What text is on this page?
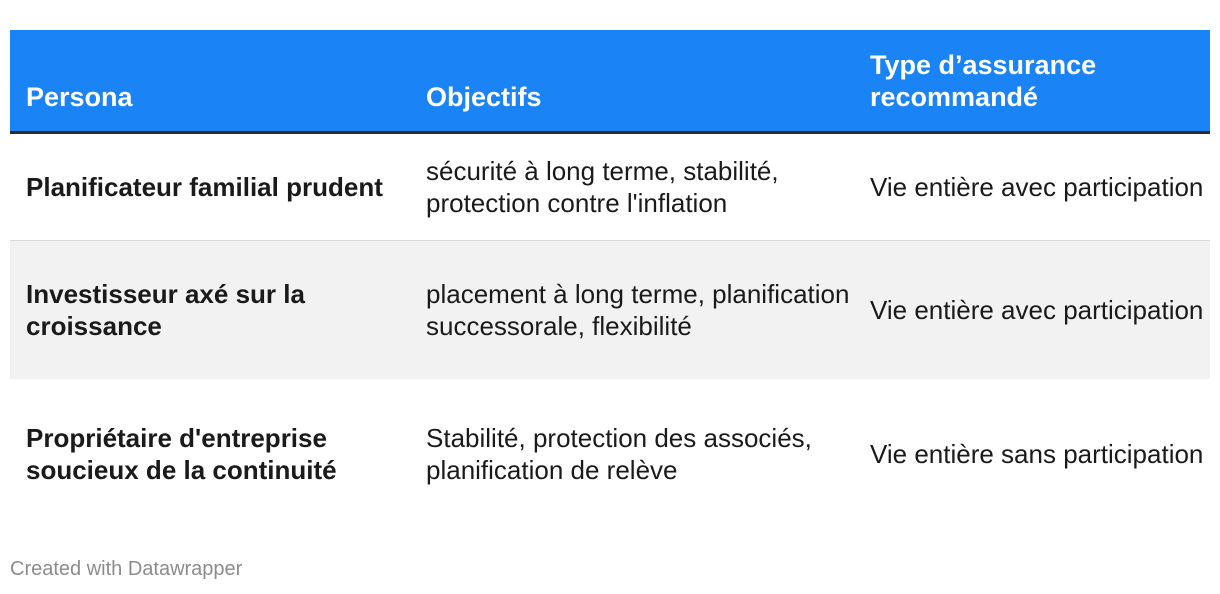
Persona	Objectifs
Type d’assurance recommandé
Planificateur familial prudent
sécurité à long terme, stabilité, protection contre l'inflation
Vie entière avec participation
Investisseur axé sur la croissance
placement à long terme, planification successorale, flexibilité
Vie entière avec participation
Propriétaire d'entreprise soucieux de la continuité
Stabilité, protection des associés, planification de relève
Vie entière sans participation
Created with Datawrapper
